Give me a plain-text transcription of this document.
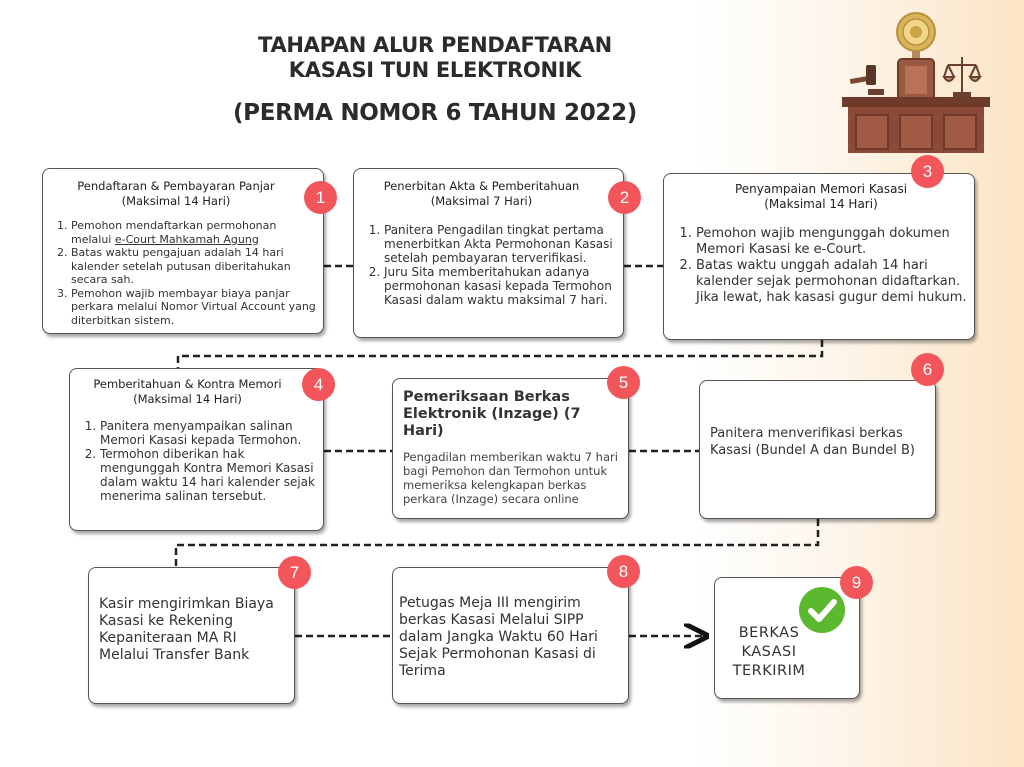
TAHAPAN ALUR PENDAFTARAN
KASASI TUN ELEKTRONIK
(PERMA NOMOR 6 TAHUN 2022)

Pendaftaran & Pembayaran Panjar

(Maksimal 14 Hari)

1. Pemohon mendaftarkan permohonan melalui e-Court Mahkamah Agung
2. Batas waktu pengajuan adalah 14 hari kalender setelah putusan diberitahukan secara sah.
3. Pemohon wajib membayar biaya panjar perkara melalui Nomor Virtual Account yang diterbitkan sistem.
1

Penerbitan Akta & Pemberitahuan

(Maksimal 7 Hari)

1. Panitera Pengadilan tingkat pertama menerbitkan Akta Permohonan Kasasi setelah pembayaran terverifikasi.
2. Juru Sita memberitahukan adanya permohonan kasasi kepada Termohon Kasasi dalam waktu maksimal 7 hari.
2	Penyampaian Memori Kasasi

(Maksimal 14 Hari)

1. Pemohon wajib mengunggah dokumen Memori Kasasi ke e-Court.
2. Batas waktu unggah adalah 14 hari kalender sejak permohonan didaftarkan. Jika lewat, hak kasasi gugur demi hukum.
3

Pemberitahuan & Kontra Memori

(Maksimal 14 Hari)

1. Panitera menyampaikan salinan Memori Kasasi kepada Termohon.
2. Termohon diberikan hak mengunggah Kontra Memori Kasasi dalam waktu 14 hari kalender sejak menerima salinan tersebut.
4

Pemeriksaan Berkas Elektronik (Inzage) (7 Hari)

Pengadilan memberikan waktu 7 hari bagi Pemohon dan Termohon untuk memeriksa kelengkapan berkas perkara (Inzage) secara online

5

Panitera menverifikasi berkas Kasasi (Bundel A dan Bundel B)

6

Kasir mengirimkan Biaya Kasasi ke Rekening Kepaniteraan MA RI Melalui Transfer Bank

7

Petugas Meja III mengirim berkas Kasasi Melalui SIPP dalam Jangka Waktu 60 Hari Sejak Permohonan Kasasi di Terima

8

BERKAS KASASI TERKIRIM

9
